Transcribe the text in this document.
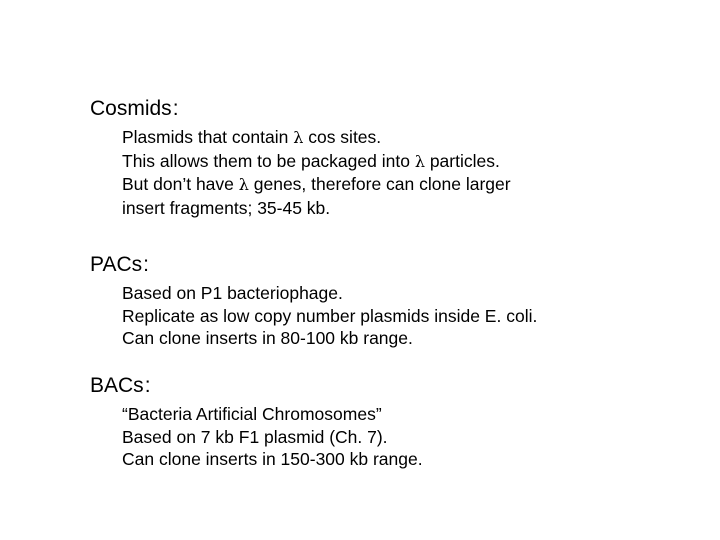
Cosmids:
Plasmids that contain λ cos sites.
This allows them to be packaged into λ particles.
But don’t have λ genes, therefore can clone larger
insert fragments; 35-45 kb.
PACs:
Based on P1 bacteriophage.
Replicate as low copy number plasmids inside E. coli.
Can clone inserts in 80-100 kb range.
BACs:
“Bacteria Artificial Chromosomes”
Based on 7 kb F1 plasmid (Ch. 7).
Can clone inserts in 150-300 kb range.
